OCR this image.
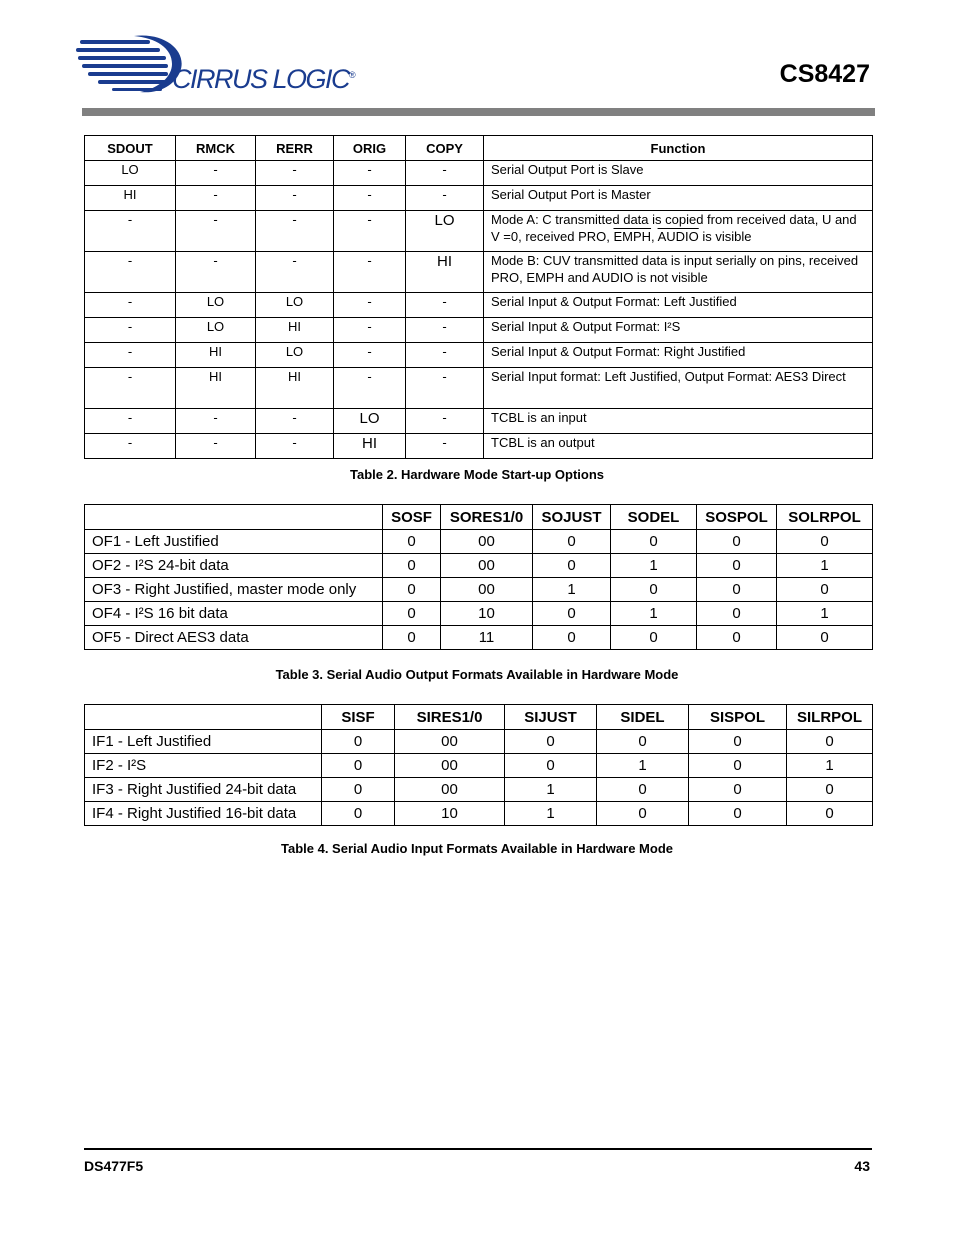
CIRRUS LOGIC®	CS8427
SDOUT	RMCK	RERR	ORIG	COPY	Function
LO	-	-	-	-	Serial Output Port is Slave
HI	-	-	-	-	Serial Output Port is Master
-	-	-	-	LO	Mode A: C transmitted data is copied from received data, U and V =0, received PRO, EMPH, AUDIO is visible
-	-	-	-	HI	Mode B: CUV transmitted data is input serially on pins, received PRO, EMPH and AUDIO is not visible
-	LO	LO	-	-	Serial Input & Output Format: Left Justified
-	LO	HI	-	-	Serial Input & Output Format: I²S
-	HI	LO	-	-	Serial Input & Output Format: Right Justified
-	HI	HI	-	-	Serial Input format: Left Justified, Output Format: AES3 Direct
-	-	-	LO	-	TCBL is an input
-	-	-	HI	-	TCBL is an output
Table 2. Hardware Mode Start-up Options
	SOSF	SORES1/0	SOJUST	SODEL	SOSPOL	SOLRPOL
OF1 - Left Justified	0	00	0	0	0	0
OF2 - I²S 24-bit data	0	00	0	1	0	1
OF3 - Right Justified, master mode only	0	00	1	0	0	0
OF4 - I²S 16 bit data	0	10	0	1	0	1
OF5 - Direct AES3 data	0	11	0	0	0	0
Table 3. Serial Audio Output Formats Available in Hardware Mode
	SISF	SIRES1/0	SIJUST	SIDEL	SISPOL	SILRPOL
IF1 - Left Justified	0	00	0	0	0	0
IF2 - I²S	0	00	0	1	0	1
IF3 - Right Justified 24-bit data	0	00	1	0	0	0
IF4 - Right Justified 16-bit data	0	10	1	0	0	0
Table 4. Serial Audio Input Formats Available in Hardware Mode
DS477F5	43
